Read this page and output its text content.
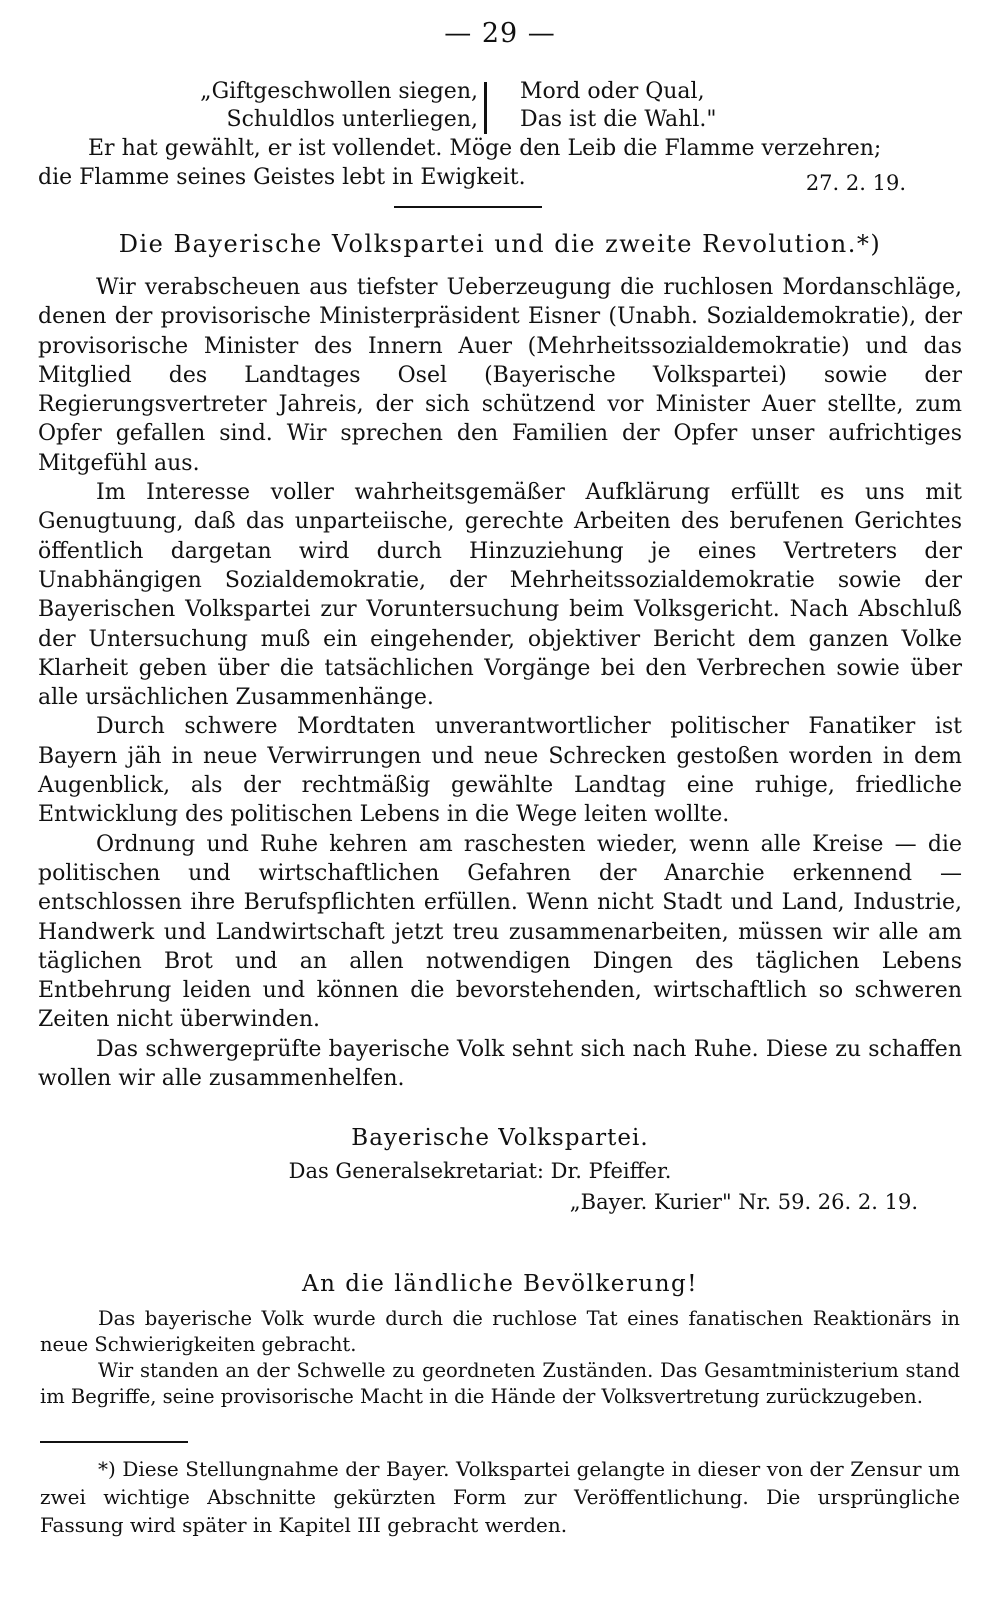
— 29 —
„Giftgeschwollen siegen,
Schuldlos unterliegen,
Mord oder Qual,
Das ist die Wahl."
Er hat gewählt, er ist vollendet. Möge den Leib die Flamme verzehren;
die Flamme seines Geistes lebt in Ewigkeit.	27. 2. 19.
Die Bayerische Volkspartei und die zweite Revolution.*)
Wir verabscheuen aus tiefster Ueberzeugung die ruchlosen Mordanschläge, denen der provisorische Ministerpräsident Eisner (Unabh. Sozialdemokratie), der provisorische Minister des Innern Auer (Mehrheitssozialdemokratie) und das Mitglied des Landtages Osel (Bayerische Volkspartei) sowie der Regierungsvertreter Jahreis, der sich schützend vor Minister Auer stellte, zum Opfer gefallen sind. Wir sprechen den Familien der Opfer unser aufrichtiges Mitgefühl aus.
Im Interesse voller wahrheitsgemäßer Aufklärung erfüllt es uns mit Genugtuung, daß das unparteiische, gerechte Arbeiten des berufenen Gerichtes öffentlich dargetan wird durch Hinzuziehung je eines Vertreters der Unabhängigen Sozialdemokratie, der Mehrheitssozialdemokratie sowie der Bayerischen Volkspartei zur Voruntersuchung beim Volksgericht. Nach Abschluß der Untersuchung muß ein eingehender, objektiver Bericht dem ganzen Volke Klarheit geben über die tatsächlichen Vorgänge bei den Verbrechen sowie über alle ursächlichen Zusammenhänge.
Durch schwere Mordtaten unverantwortlicher politischer Fanatiker ist Bayern jäh in neue Verwirrungen und neue Schrecken gestoßen worden in dem Augenblick, als der rechtmäßig gewählte Landtag eine ruhige, friedliche Entwicklung des politischen Lebens in die Wege leiten wollte.
Ordnung und Ruhe kehren am raschesten wieder, wenn alle Kreise — die politischen und wirtschaftlichen Gefahren der Anarchie erkennend — entschlossen ihre Berufspflichten erfüllen. Wenn nicht Stadt und Land, Industrie, Handwerk und Landwirtschaft jetzt treu zusammenarbeiten, müssen wir alle am täglichen Brot und an allen notwendigen Dingen des täglichen Lebens Entbehrung leiden und können die bevorstehenden, wirtschaftlich so schweren Zeiten nicht überwinden.
Das schwergeprüfte bayerische Volk sehnt sich nach Ruhe. Diese zu schaffen wollen wir alle zusammenhelfen.
Bayerische Volkspartei.
Das Generalsekretariat: Dr. Pfeiffer.
„Bayer. Kurier" Nr. 59. 26. 2. 19.
An die ländliche Bevölkerung!
Das bayerische Volk wurde durch die ruchlose Tat eines fanatischen Reaktionärs in neue Schwierigkeiten gebracht.
Wir standen an der Schwelle zu geordneten Zuständen. Das Gesamtministerium stand im Begriffe, seine provisorische Macht in die Hände der Volksvertretung zurückzugeben.
*) Diese Stellungnahme der Bayer. Volkspartei gelangte in dieser von der Zensur um zwei wichtige Abschnitte gekürzten Form zur Veröffentlichung. Die ursprüngliche Fassung wird später in Kapitel III gebracht werden.
